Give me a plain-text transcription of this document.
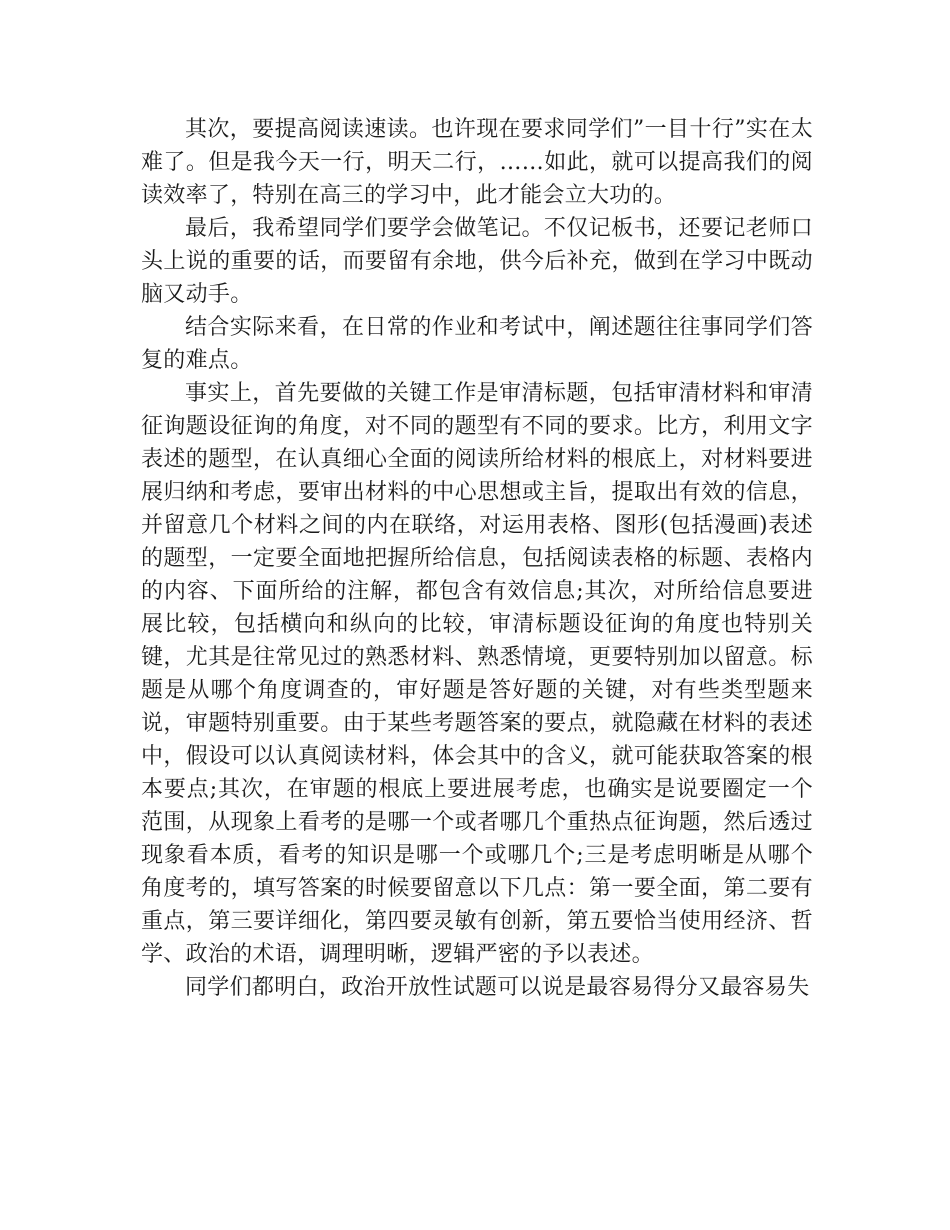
其次，要提高阅读速读。也许现在要求同学们”一目十行”实在太难了。但是我今天一行，明天二行，……如此，就可以提高我们的阅读效率了，特别在高三的学习中，此才能会立大功的。

最后，我希望同学们要学会做笔记。不仅记板书，还要记老师口头上说的重要的话，而要留有余地，供今后补充，做到在学习中既动脑又动手。

结合实际来看，在日常的作业和考试中，阐述题往往事同学们答复的难点。

事实上，首先要做的关键工作是审清标题，包括审清材料和审清征询题设征询的角度，对不同的题型有不同的要求。比方，利用文字表述的题型，在认真细心全面的阅读所给材料的根底上，对材料要进展归纳和考虑，要审出材料的中心思想或主旨，提取出有效的信息，并留意几个材料之间的内在联络，对运用表格、图形(包括漫画)表述的题型，一定要全面地把握所给信息，包括阅读表格的标题、表格内的内容、下面所给的注解，都包含有效信息;其次，对所给信息要进展比较，包括横向和纵向的比较，审清标题设征询的角度也特别关键，尤其是往常见过的熟悉材料、熟悉情境，更要特别加以留意。标题是从哪个角度调查的，审好题是答好题的关键，对有些类型题来说，审题特别重要。由于某些考题答案的要点，就隐藏在材料的表述中，假设可以认真阅读材料，体会其中的含义，就可能获取答案的根本要点;其次，在审题的根底上要进展考虑，也确实是说要圈定一个范围，从现象上看考的是哪一个或者哪几个重热点征询题，然后透过现象看本质，看考的知识是哪一个或哪几个;三是考虑明晰是从哪个角度考的，填写答案的时候要留意以下几点：第一要全面，第二要有重点，第三要详细化，第四要灵敏有创新，第五要恰当使用经济、哲学、政治的术语，调理明晰，逻辑严密的予以表述。

同学们都明白，政治开放性试题可以说是最容易得分又最容易失
